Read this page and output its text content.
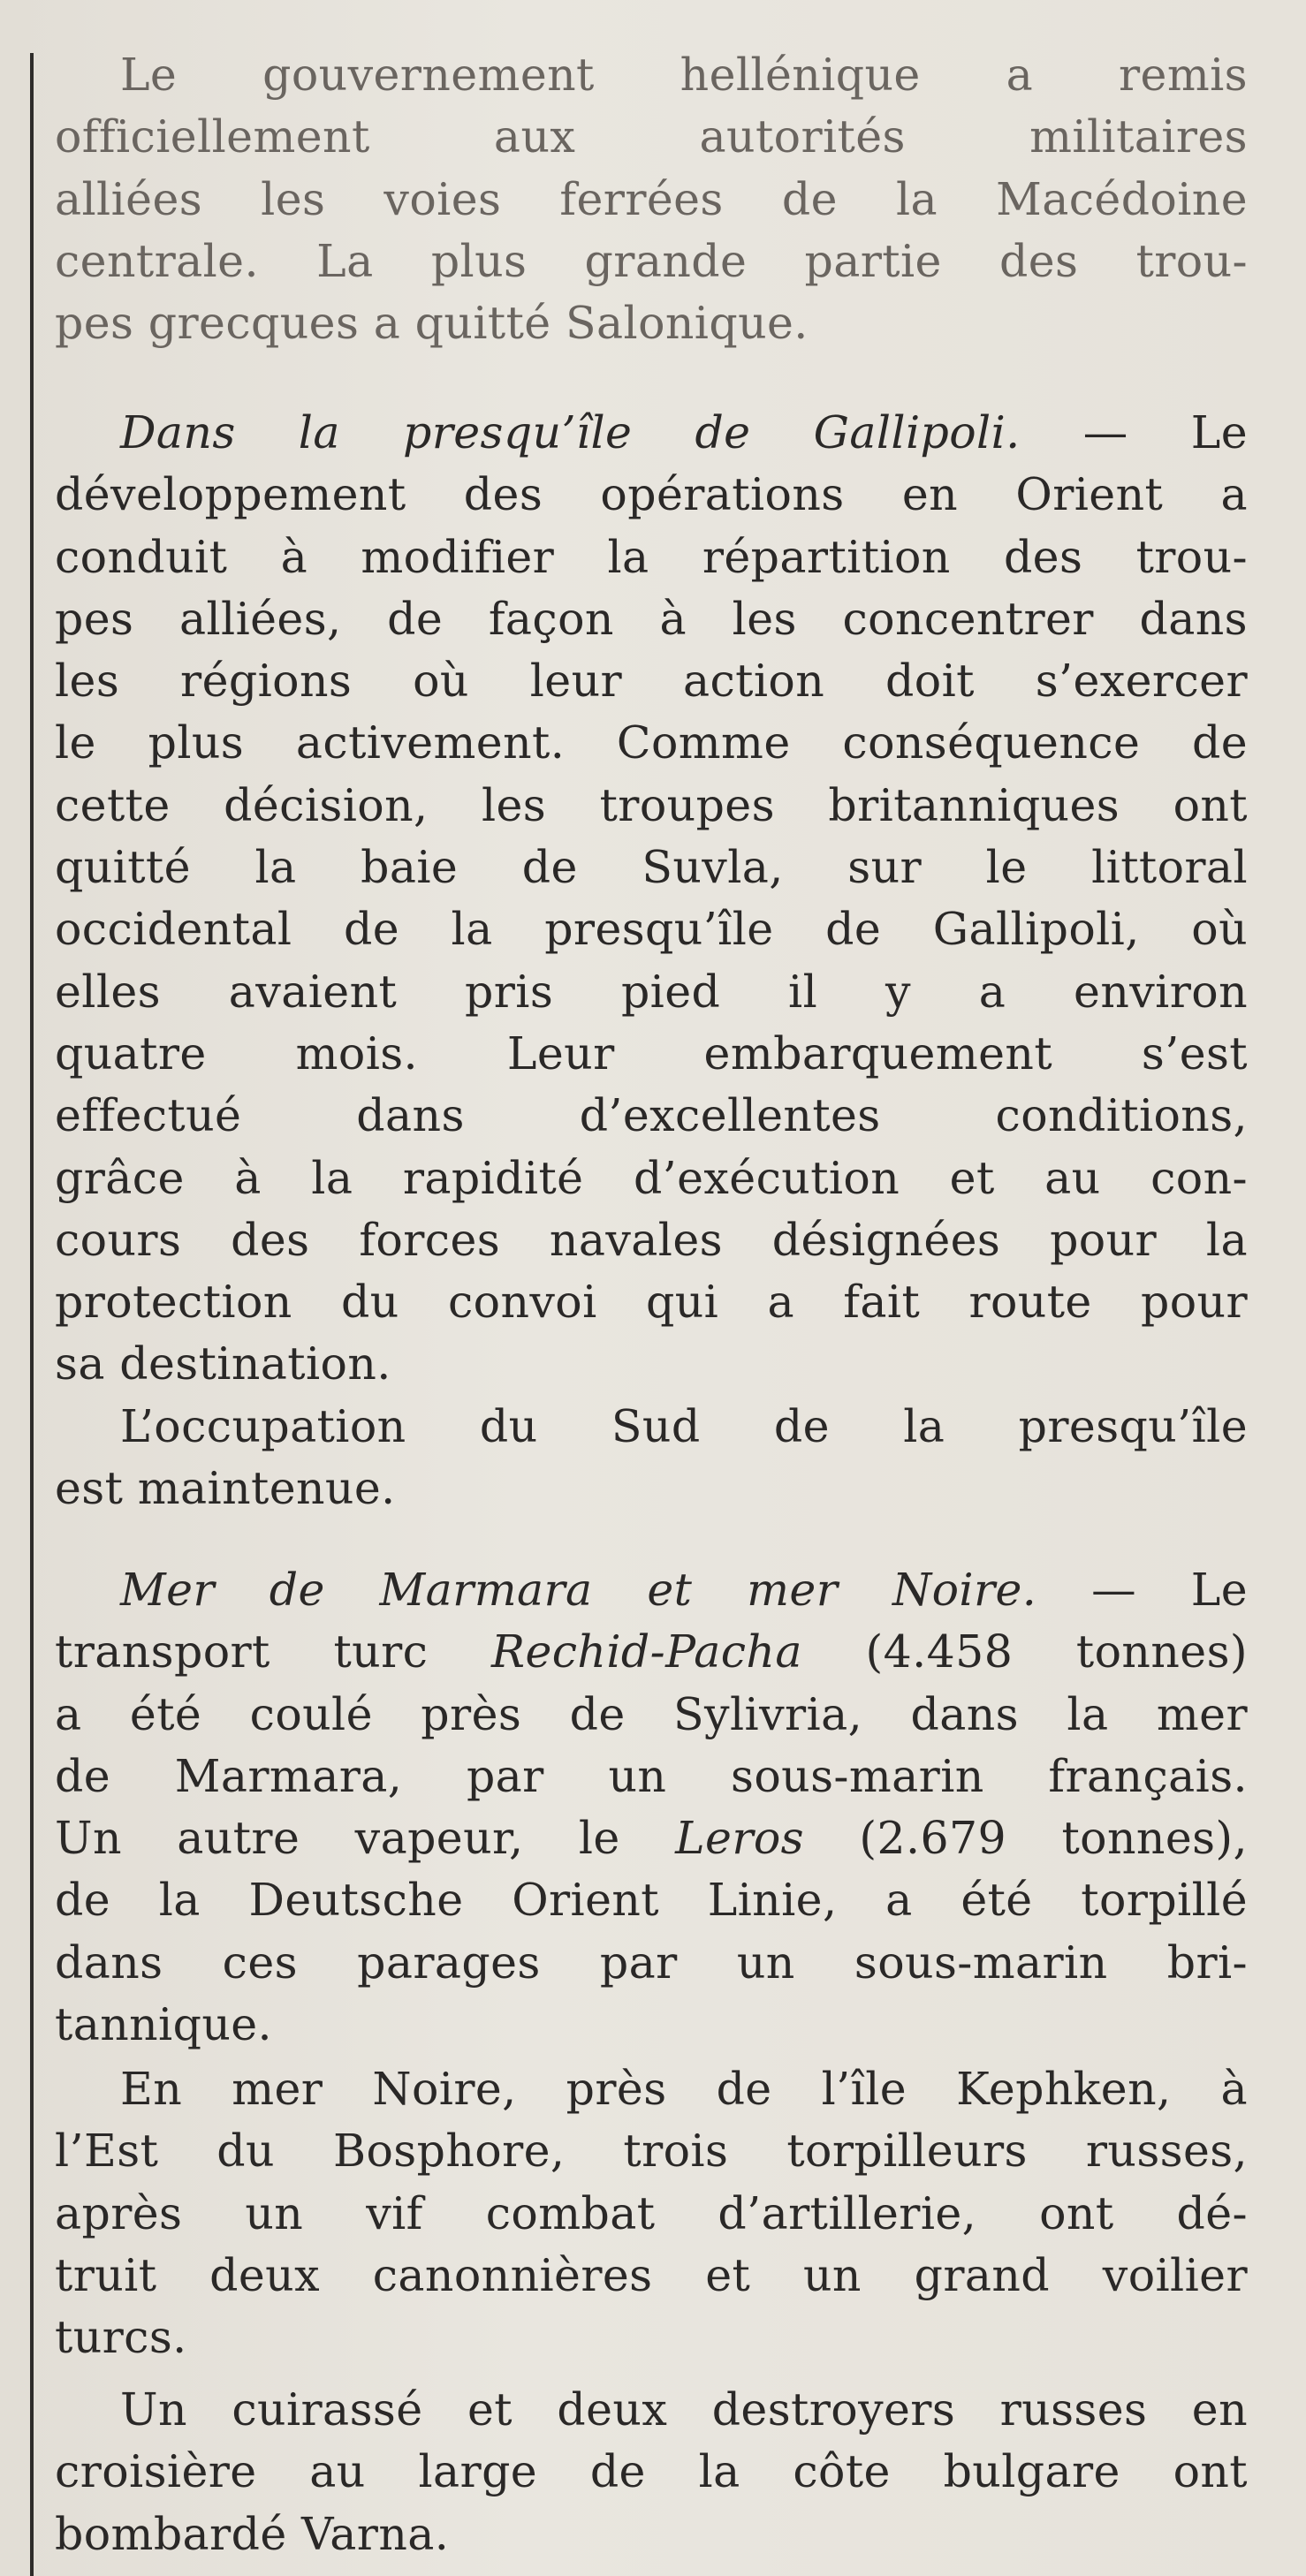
Le gouvernement hellénique a remis

officiellement aux autorités militaires

alliées les voies ferrées de la Macédoine

centrale. La plus grande partie des trou-

pes grecques a quitté Salonique.

Dans la presqu’île de Gallipoli. — Le

développement des opérations en Orient a

conduit à modifier la répartition des trou-

pes alliées, de façon à les concentrer dans

les régions où leur action doit s’exercer

le plus activement. Comme conséquence de

cette décision, les troupes britanniques ont

quitté la baie de Suvla, sur le littoral

occidental de la presqu’île de Gallipoli, où

elles avaient pris pied il y a environ

quatre mois. Leur embarquement s’est

effectué dans d’excellentes conditions,

grâce à la rapidité d’exécution et au con-

cours des forces navales désignées pour la

protection du convoi qui a fait route pour

sa destination.

L’occupation du Sud de la presqu’île

est maintenue.

Mer de Marmara et mer Noire. — Le

transport turc Rechid-Pacha (4.458 tonnes)

a été coulé près de Sylivria, dans la mer

de Marmara, par un sous-marin français.

Un autre vapeur, le Leros (2.679 tonnes),

de la Deutsche Orient Linie, a été torpillé

dans ces parages par un sous-marin bri-

tannique.

En mer Noire, près de l’île Kephken, à

l’Est du Bosphore, trois torpilleurs russes,

après un vif combat d’artillerie, ont dé-

truit deux canonnières et un grand voilier

turcs.

Un cuirassé et deux destroyers russes en

croisière au large de la côte bulgare ont

bombardé Varna.
